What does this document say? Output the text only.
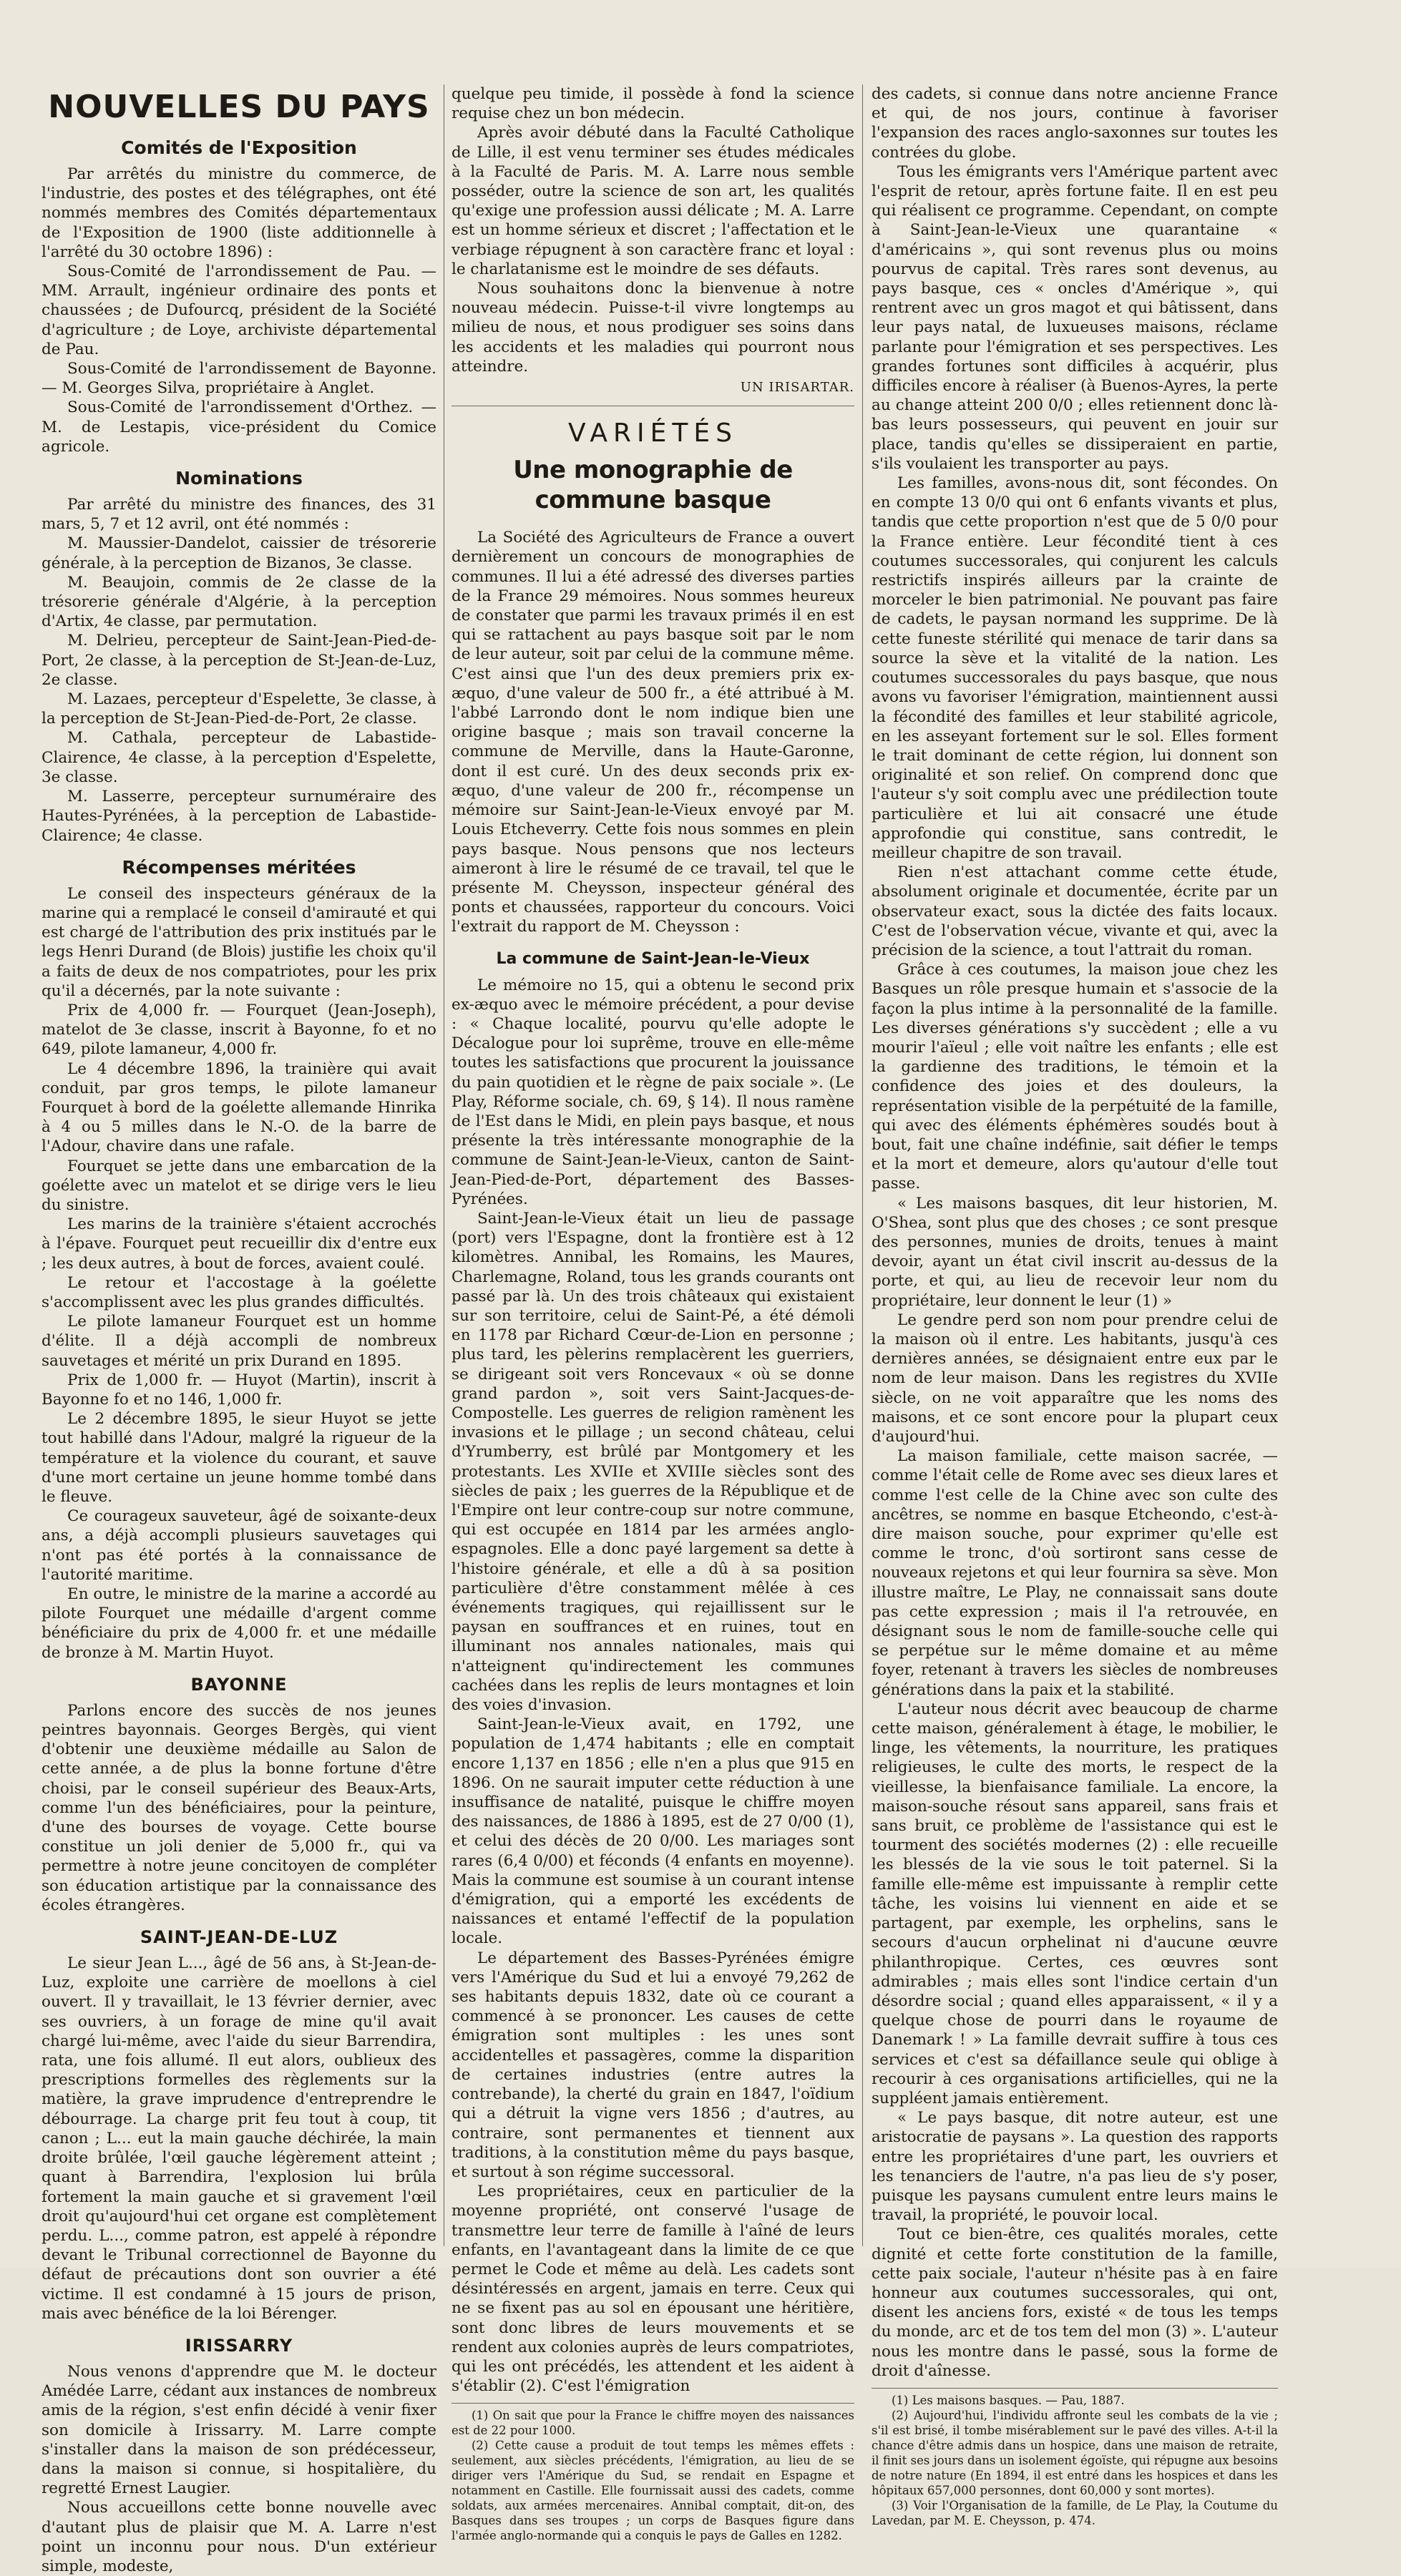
NOUVELLES DU PAYS
Comités de l'Exposition

Par arrêtés du ministre du commerce, de l'industrie, des postes et des télégraphes, ont été nommés membres des Comités départementaux de l'Exposition de 1900 (liste additionnelle à l'arrêté du 30 octobre 1896) :

Sous-Comité de l'arrondissement de Pau. — MM. Arrault, ingénieur ordinaire des ponts et chaussées ; de Dufourcq, président de la Société d'agriculture ; de Loye, archiviste départemental de Pau.

Sous-Comité de l'arrondissement de Bayonne. — M. Georges Silva, propriétaire à Anglet.

Sous-Comité de l'arrondissement d'Orthez. — M. de Lestapis, vice-président du Comice agricole.

Nominations

Par arrêté du ministre des finances, des 31 mars, 5, 7 et 12 avril, ont été nommés :

M. Maussier-Dandelot, caissier de trésorerie générale, à la perception de Bizanos, 3e classe.

M. Beaujoin, commis de 2e classe de la trésorerie générale d'Algérie, à la perception d'Artix, 4e classe, par permutation.

M. Delrieu, percepteur de Saint-Jean-Pied-de-Port, 2e classe, à la perception de St-Jean-de-Luz, 2e classe.

M. Lazaes, percepteur d'Espelette, 3e classe, à la perception de St-Jean-Pied-de-Port, 2e classe.

M. Cathala, percepteur de Labastide-Clairence, 4e classe, à la perception d'Espelette, 3e classe.

M. Lasserre, percepteur surnuméraire des Hautes-Pyrénées, à la perception de Labastide-Clairence; 4e classe.

Récompenses méritées

Le conseil des inspecteurs généraux de la marine qui a remplacé le conseil d'amirauté et qui est chargé de l'attribution des prix institués par le legs Henri Durand (de Blois) justifie les choix qu'il a faits de deux de nos compatriotes, pour les prix qu'il a décernés, par la note suivante :

Prix de 4,000 fr. — Fourquet (Jean-Joseph), matelot de 3e classe, inscrit à Bayonne, fo et no 649, pilote lamaneur, 4,000 fr.

Le 4 décembre 1896, la trainière qui avait conduit, par gros temps, le pilote lamaneur Fourquet à bord de la goélette allemande Hinrika à 4 ou 5 milles dans le N.-O. de la barre de l'Adour, chavire dans une rafale.

Fourquet se jette dans une embarcation de la goélette avec un matelot et se dirige vers le lieu du sinistre.

Les marins de la trainière s'étaient accrochés à l'épave. Fourquet peut recueillir dix d'entre eux ; les deux autres, à bout de forces, avaient coulé.

Le retour et l'accostage à la goélette s'accomplissent avec les plus grandes difficultés.

Le pilote lamaneur Fourquet est un homme d'élite. Il a déjà accompli de nombreux sauvetages et mérité un prix Durand en 1895.

Prix de 1,000 fr. — Huyot (Martin), inscrit à Bayonne fo et no 146, 1,000 fr.

Le 2 décembre 1895, le sieur Huyot se jette tout habillé dans l'Adour, malgré la rigueur de la température et la violence du courant, et sauve d'une mort certaine un jeune homme tombé dans le fleuve.

Ce courageux sauveteur, âgé de soixante-deux ans, a déjà accompli plusieurs sauvetages qui n'ont pas été portés à la connaissance de l'autorité maritime.

En outre, le ministre de la marine a accordé au pilote Fourquet une médaille d'argent comme bénéficiaire du prix de 4,000 fr. et une médaille de bronze à M. Martin Huyot.

BAYONNE

Parlons encore des succès de nos jeunes peintres bayonnais. Georges Bergès, qui vient d'obtenir une deuxième médaille au Salon de cette année, a de plus la bonne fortune d'être choisi, par le conseil supérieur des Beaux-Arts, comme l'un des bénéficiaires, pour la peinture, d'une des bourses de voyage. Cette bourse constitue un joli denier de 5,000 fr., qui va permettre à notre jeune concitoyen de compléter son éducation artistique par la connaissance des écoles étrangères.

SAINT-JEAN-DE-LUZ

Le sieur Jean L..., âgé de 56 ans, à St-Jean-de-Luz, exploite une carrière de moellons à ciel ouvert. Il y travaillait, le 13 février dernier, avec ses ouvriers, à un forage de mine qu'il avait chargé lui-même, avec l'aide du sieur Barrendira, rata, une fois allumé. Il eut alors, oublieux des prescriptions formelles des règlements sur la matière, la grave imprudence d'entreprendre le débourrage. La charge prit feu tout à coup, tit canon ; L... eut la main gauche déchirée, la main droite brûlée, l'œil gauche légèrement atteint ; quant à Barrendira, l'explosion lui brûla fortement la main gauche et si gravement l'œil droit qu'aujourd'hui cet organe est complètement perdu. L..., comme patron, est appelé à répondre devant le Tribunal correctionnel de Bayonne du défaut de précautions dont son ouvrier a été victime. Il est condamné à 15 jours de prison, mais avec bénéfice de la loi Bérenger.

IRISSARRY

Nous venons d'apprendre que M. le docteur Amédée Larre, cédant aux instances de nombreux amis de la région, s'est enfin décidé à venir fixer son domicile à Irissarry. M. Larre compte s'installer dans la maison de son prédécesseur, dans la maison si connue, si hospitalière, du regretté Ernest Laugier.

Nous accueillons cette bonne nouvelle avec d'autant plus de plaisir que M. A. Larre n'est point un inconnu pour nous. D'un extérieur simple, modeste,

quelque peu timide, il possède à fond la science requise chez un bon médecin.

Après avoir débuté dans la Faculté Catholique de Lille, il est venu terminer ses études médicales à la Faculté de Paris. M. A. Larre nous semble posséder, outre la science de son art, les qualités qu'exige une profession aussi délicate ; M. A. Larre est un homme sérieux et discret ; l'affectation et le verbiage répugnent à son caractère franc et loyal : le charlatanisme est le moindre de ses défauts.

Nous souhaitons donc la bienvenue à notre nouveau médecin. Puisse-t-il vivre longtemps au milieu de nous, et nous prodiguer ses soins dans les accidents et les maladies qui pourront nous atteindre.

UN IRISARTAR.
VARIÉTÉS
Une monographie de commune basque

La Société des Agriculteurs de France a ouvert dernièrement un concours de monographies de communes. Il lui a été adressé des diverses parties de la France 29 mémoires. Nous sommes heureux de constater que parmi les travaux primés il en est qui se rattachent au pays basque soit par le nom de leur auteur, soit par celui de la commune même. C'est ainsi que l'un des deux premiers prix ex-æquo, d'une valeur de 500 fr., a été attribué à M. l'abbé Larrondo dont le nom indique bien une origine basque ; mais son travail concerne la commune de Merville, dans la Haute-Garonne, dont il est curé. Un des deux seconds prix ex-æquo, d'une valeur de 200 fr., récompense un mémoire sur Saint-Jean-le-Vieux envoyé par M. Louis Etcheverry. Cette fois nous sommes en plein pays basque. Nous pensons que nos lecteurs aimeront à lire le résumé de ce travail, tel que le présente M. Cheysson, inspecteur général des ponts et chaussées, rapporteur du concours. Voici l'extrait du rapport de M. Cheysson :

La commune de Saint-Jean-le-Vieux

Le mémoire no 15, qui a obtenu le second prix ex-æquo avec le mémoire précédent, a pour devise : « Chaque localité, pourvu qu'elle adopte le Décalogue pour loi suprême, trouve en elle-même toutes les satisfactions que procurent la jouissance du pain quotidien et le règne de paix sociale ». (Le Play, Réforme sociale, ch. 69, § 14). Il nous ramène de l'Est dans le Midi, en plein pays basque, et nous présente la très intéressante monographie de la commune de Saint-Jean-le-Vieux, canton de Saint-Jean-Pied-de-Port, département des Basses-Pyrénées.

Saint-Jean-le-Vieux était un lieu de passage (port) vers l'Espagne, dont la frontière est à 12 kilomètres. Annibal, les Romains, les Maures, Charlemagne, Roland, tous les grands courants ont passé par là. Un des trois châteaux qui existaient sur son territoire, celui de Saint-Pé, a été démoli en 1178 par Richard Cœur-de-Lion en personne ; plus tard, les pèlerins remplacèrent les guerriers, se dirigeant soit vers Roncevaux « où se donne grand pardon », soit vers Saint-Jacques-de-Compostelle. Les guerres de religion ramènent les invasions et le pillage ; un second château, celui d'Yrumberry, est brûlé par Montgomery et les protestants. Les XVIIe et XVIIIe siècles sont des siècles de paix ; les guerres de la République et de l'Empire ont leur contre-coup sur notre commune, qui est occupée en 1814 par les armées anglo-espagnoles. Elle a donc payé largement sa dette à l'histoire générale, et elle a dû à sa position particulière d'être constamment mêlée à ces événements tragiques, qui rejaillissent sur le paysan en souffrances et en ruines, tout en illuminant nos annales nationales, mais qui n'atteignent qu'indirectement les communes cachées dans les replis de leurs montagnes et loin des voies d'invasion.

Saint-Jean-le-Vieux avait, en 1792, une population de 1,474 habitants ; elle en comptait encore 1,137 en 1856 ; elle n'en a plus que 915 en 1896. On ne saurait imputer cette réduction à une insuffisance de natalité, puisque le chiffre moyen des naissances, de 1886 à 1895, est de 27 0/00 (1), et celui des décès de 20 0/00. Les mariages sont rares (6,4 0/00) et féconds (4 enfants en moyenne). Mais la commune est soumise à un courant intense d'émigration, qui a emporté les excédents de naissances et entamé l'effectif de la population locale.

Le département des Basses-Pyrénées émigre vers l'Amérique du Sud et lui a envoyé 79,262 de ses habitants depuis 1832, date où ce courant a commencé à se prononcer. Les causes de cette émigration sont multiples : les unes sont accidentelles et passagères, comme la disparition de certaines industries (entre autres la contrebande), la cherté du grain en 1847, l'oïdium qui a détruit la vigne vers 1856 ; d'autres, au contraire, sont permanentes et tiennent aux traditions, à la constitution même du pays basque, et surtout à son régime successoral.

Les propriétaires, ceux en particulier de la moyenne propriété, ont conservé l'usage de transmettre leur terre de famille à l'aîné de leurs enfants, en l'avantageant dans la limite de ce que permet le Code et même au delà. Les cadets sont désintéressés en argent, jamais en terre. Ceux qui ne se fixent pas au sol en épousant une héritière, sont donc libres de leurs mouvements et se rendent aux colonies auprès de leurs compatriotes, qui les ont précédés, les attendent et les aident à s'établir (2). C'est l'émigration

(1) On sait que pour la France le chiffre moyen des naissances est de 22 pour 1000.

(2) Cette cause a produit de tout temps les mêmes effets : seulement, aux siècles précédents, l'émigration, au lieu de se diriger vers l'Amérique du Sud, se rendait en Espagne et notamment en Castille. Elle fournissait aussi des cadets, comme soldats, aux armées mercenaires. Annibal comptait, dit-on, des Basques dans ses troupes ; un corps de Basques figure dans l'armée anglo-normande qui a conquis le pays de Galles en 1282.

des cadets, si connue dans notre ancienne France et qui, de nos jours, continue à favoriser l'expansion des races anglo-saxonnes sur toutes les contrées du globe.

Tous les émigrants vers l'Amérique partent avec l'esprit de retour, après fortune faite. Il en est peu qui réalisent ce programme. Cependant, on compte à Saint-Jean-le-Vieux une quarantaine « d'américains », qui sont revenus plus ou moins pourvus de capital. Très rares sont devenus, au pays basque, ces « oncles d'Amérique », qui rentrent avec un gros magot et qui bâtissent, dans leur pays natal, de luxueuses maisons, réclame parlante pour l'émigration et ses perspectives. Les grandes fortunes sont difficiles à acquérir, plus difficiles encore à réaliser (à Buenos-Ayres, la perte au change atteint 200 0/0 ; elles retiennent donc là-bas leurs possesseurs, qui peuvent en jouir sur place, tandis qu'elles se dissiperaient en partie, s'ils voulaient les transporter au pays.

Les familles, avons-nous dit, sont fécondes. On en compte 13 0/0 qui ont 6 enfants vivants et plus, tandis que cette proportion n'est que de 5 0/0 pour la France entière. Leur fécondité tient à ces coutumes successorales, qui conjurent les calculs restrictifs inspirés ailleurs par la crainte de morceler le bien patrimonial. Ne pouvant pas faire de cadets, le paysan normand les supprime. De là cette funeste stérilité qui menace de tarir dans sa source la sève et la vitalité de la nation. Les coutumes successorales du pays basque, que nous avons vu favoriser l'émigration, maintiennent aussi la fécondité des familles et leur stabilité agricole, en les asseyant fortement sur le sol. Elles forment le trait dominant de cette région, lui donnent son originalité et son relief. On comprend donc que l'auteur s'y soit complu avec une prédilection toute particulière et lui ait consacré une étude approfondie qui constitue, sans contredit, le meilleur chapitre de son travail.

Rien n'est attachant comme cette étude, absolument originale et documentée, écrite par un observateur exact, sous la dictée des faits locaux. C'est de l'observation vécue, vivante et qui, avec la précision de la science, a tout l'attrait du roman.

Grâce à ces coutumes, la maison joue chez les Basques un rôle presque humain et s'associe de la façon la plus intime à la personnalité de la famille. Les diverses générations s'y succèdent ; elle a vu mourir l'aïeul ; elle voit naître les enfants ; elle est la gardienne des traditions, le témoin et la confidence des joies et des douleurs, la représentation visible de la perpétuité de la famille, qui avec des éléments éphémères soudés bout à bout, fait une chaîne indéfinie, sait défier le temps et la mort et demeure, alors qu'autour d'elle tout passe.

« Les maisons basques, dit leur historien, M. O'Shea, sont plus que des choses ; ce sont presque des personnes, munies de droits, tenues à maint devoir, ayant un état civil inscrit au-dessus de la porte, et qui, au lieu de recevoir leur nom du propriétaire, leur donnent le leur (1) »

Le gendre perd son nom pour prendre celui de la maison où il entre. Les habitants, jusqu'à ces dernières années, se désignaient entre eux par le nom de leur maison. Dans les registres du XVIIe siècle, on ne voit apparaître que les noms des maisons, et ce sont encore pour la plupart ceux d'aujourd'hui.

La maison familiale, cette maison sacrée, — comme l'était celle de Rome avec ses dieux lares et comme l'est celle de la Chine avec son culte des ancêtres, se nomme en basque Etcheondo, c'est-à-dire maison souche, pour exprimer qu'elle est comme le tronc, d'où sortiront sans cesse de nouveaux rejetons et qui leur fournira sa sève. Mon illustre maître, Le Play, ne connaissait sans doute pas cette expression ; mais il l'a retrouvée, en désignant sous le nom de famille-souche celle qui se perpétue sur le même domaine et au même foyer, retenant à travers les siècles de nombreuses générations dans la paix et la stabilité.

L'auteur nous décrit avec beaucoup de charme cette maison, généralement à étage, le mobilier, le linge, les vêtements, la nourriture, les pratiques religieuses, le culte des morts, le respect de la vieillesse, la bienfaisance familiale. La encore, la maison-souche résout sans appareil, sans frais et sans bruit, ce problème de l'assistance qui est le tourment des sociétés modernes (2) : elle recueille les blessés de la vie sous le toit paternel. Si la famille elle-même est impuissante à remplir cette tâche, les voisins lui viennent en aide et se partagent, par exemple, les orphelins, sans le secours d'aucun orphelinat ni d'aucune œuvre philanthropique. Certes, ces œuvres sont admirables ; mais elles sont l'indice certain d'un désordre social ; quand elles apparaissent, « il y a quelque chose de pourri dans le royaume de Danemark ! » La famille devrait suffire à tous ces services et c'est sa défaillance seule qui oblige à recourir à ces organisations artificielles, qui ne la suppléent jamais entièrement.

« Le pays basque, dit notre auteur, est une aristocratie de paysans ». La question des rapports entre les propriétaires d'une part, les ouvriers et les tenanciers de l'autre, n'a pas lieu de s'y poser, puisque les paysans cumulent entre leurs mains le travail, la propriété, le pouvoir local.

Tout ce bien-être, ces qualités morales, cette dignité et cette forte constitution de la famille, cette paix sociale, l'auteur n'hésite pas à en faire honneur aux coutumes successorales, qui ont, disent les anciens fors, existé « de tous les temps du monde, arc et de tos tem del mon (3) ». L'auteur nous les montre dans le passé, sous la forme de droit d'aînesse.

(1) Les maisons basques. — Pau, 1887.

(2) Aujourd'hui, l'individu affronte seul les combats de la vie ; s'il est brisé, il tombe misérablement sur le pavé des villes. A-t-il la chance d'être admis dans un hospice, dans une maison de retraite, il finit ses jours dans un isolement égoïste, qui répugne aux besoins de notre nature (En 1894, il est entré dans les hospices et dans les hôpitaux 657,000 personnes, dont 60,000 y sont mortes).

(3) Voir l'Organisation de la famille, de Le Play, la Coutume du Lavedan, par M. E. Cheysson, p. 474.
